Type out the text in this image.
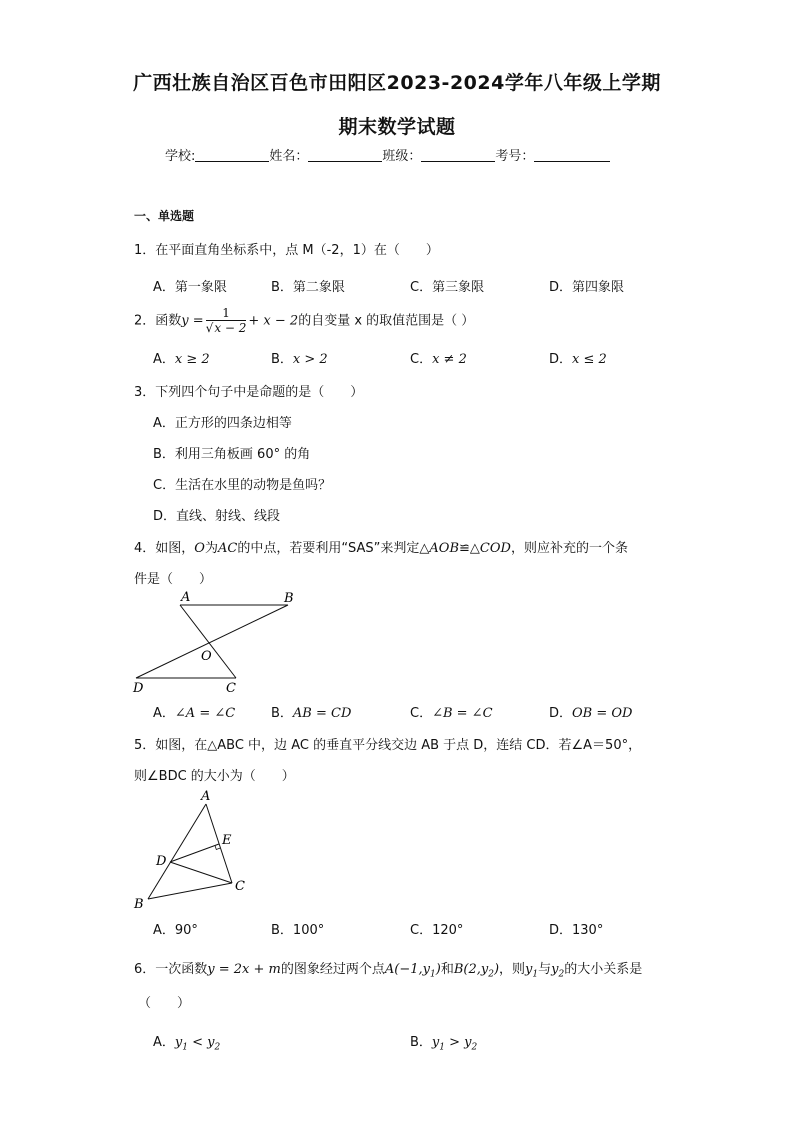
广西壮族自治区百色市田阳区2023-2024学年八年级上学期
期末数学试题
学校:	姓名：	班级：	考号：
一、单选题
1．在平面直角坐标系中，点 M（-2，1）在（　　）
A．第一象限	B．第二象限	C．第三象限	D．第四象限
2．函数$y = \frac{1}{√x - 2} + x - 2$的自变量 x 的取值范围是（ ）
A．x ≥ 2	B．x > 2	C．x ≠ 2	D．x ≤ 2
3．下列四个句子中是命题的是（　　）
A．正方形的四条边相等
B．利用三角板画 60° 的角
C．生活在水里的动物是鱼吗？
D．直线、射线、线段
4．如图，O为AC的中点，若要利用“SAS”来判定△AOB≌△COD，则应补充的一个条
件是（　　）
A	B
O
D	C
A．∠A = ∠C	B．AB = CD	C．∠B = ∠C	D．OB = OD
5．如图，在△ABC 中，边 AC 的垂直平分线交边 AB 于点 D，连结 CD．若∠A＝50°，
则∠BDC 的大小为（　　）
A
E
D
C
B
A．90°	B．100°	C．120°	D．130°
6．一次函数y = 2x + m的图象经过两个点$A(-1,y_1)$和$B(2,y_2)$，则$y_1$与$y_2$的大小关系是
（　　）
A．$y_1 < y_2$	B．$y_1 > y_2$
